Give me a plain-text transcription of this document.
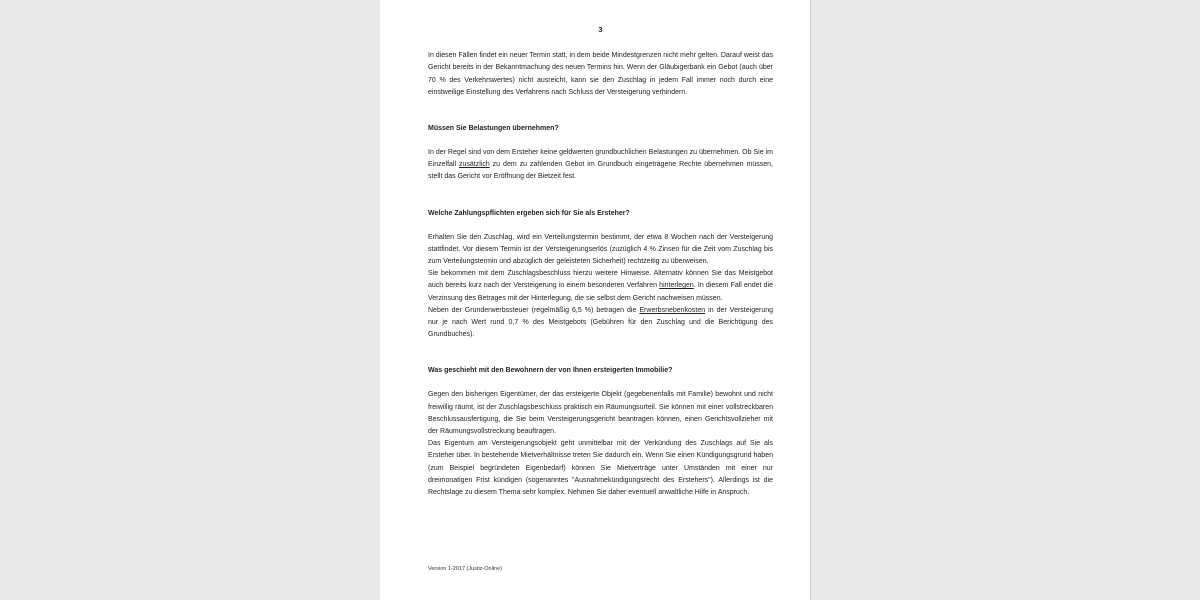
3

In diesen Fällen findet ein neuer Termin statt, in dem beide Mindestgrenzen nicht mehr gelten. Darauf weist das Gericht bereits in der Bekanntmachung des neuen Termins hin. Wenn der Gläubigerbank ein Gebot (auch über 70 % des Verkehrswertes) nicht ausreicht, kann sie den Zuschlag in jedem Fall immer noch durch eine einstweilige Einstellung des Verfahrens nach Schluss der Versteigerung verhindern.

Müssen Sie Belastungen übernehmen?

In der Regel sind von dem Ersteher keine geldwerten grundbuchlichen Belastungen zu übernehmen. Ob Sie im Einzelfall zusätzlich zu dem zu zahlenden Gebot im Grundbuch eingetragene Rechte übernehmen müssen, stellt das Gericht vor Eröffnung der Bietzeit fest.

Welche Zahlungspflichten ergeben sich für Sie als Ersteher?

Erhalten Sie den Zuschlag, wird ein Verteilungstermin bestimmt, der etwa 8 Wochen nach der Versteigerung stattfindet. Vor diesem Termin ist der Versteigerungserlös (zuzüglich 4 % Zinsen für die Zeit vom Zuschlag bis zum Verteilungstermin und abzüglich der geleisteten Sicherheit) rechtzeitig zu überweisen.

Sie bekommen mit dem Zuschlagsbeschluss hierzu weitere Hinweise. Alternativ können Sie das Meistgebot auch bereits kurz nach der Versteigerung in einem besonderen Verfahren hinterlegen. In diesem Fall endet die Verzinsung des Betrages mit der Hinterlegung, die sie selbst dem Gericht nachweisen müssen.

Neben der Grunderwerbssteuer (regelmäßig 6,5 %) betragen die Erwerbsnebenkosten in der Versteigerung nur je nach Wert rund 0,7 % des Meistgebots (Gebühren für den Zuschlag und die Berichtigung des Grundbuches).

Was geschieht mit den Bewohnern der von Ihnen ersteigerten Immobilie?

Gegen den bisherigen Eigentümer, der das ersteigerte Objekt (gegebenenfalls mit Familie) bewohnt und nicht freiwillig räumt, ist der Zuschlagsbeschluss praktisch ein Räumungsurteil. Sie können mit einer vollstreckbaren Beschlussausfertigung, die Sie beim Versteigerungsgericht beantragen können, einen Gerichtsvollzieher mit der Räumungsvollstreckung beauftragen.

Das Eigentum am Versteigerungsobjekt geht unmittelbar mit der Verkündung des Zuschlags auf Sie als Ersteher über. In bestehende Mietverhältnisse treten Sie dadurch ein. Wenn Sie einen Kündigungsgrund haben (zum Beispiel begründeten Eigenbedarf) können Sie Mietverträge unter Umständen mit einer nur dreimonatigen Frist kündigen (sogenanntes "Ausnahmekündigungsrecht des Erstehers"). Allerdings ist die Rechtslage zu diesem Thema sehr komplex. Nehmen Sie daher eventuell anwaltliche Hilfe in Anspruch.

Version 1-2017 (Justiz-Online)
